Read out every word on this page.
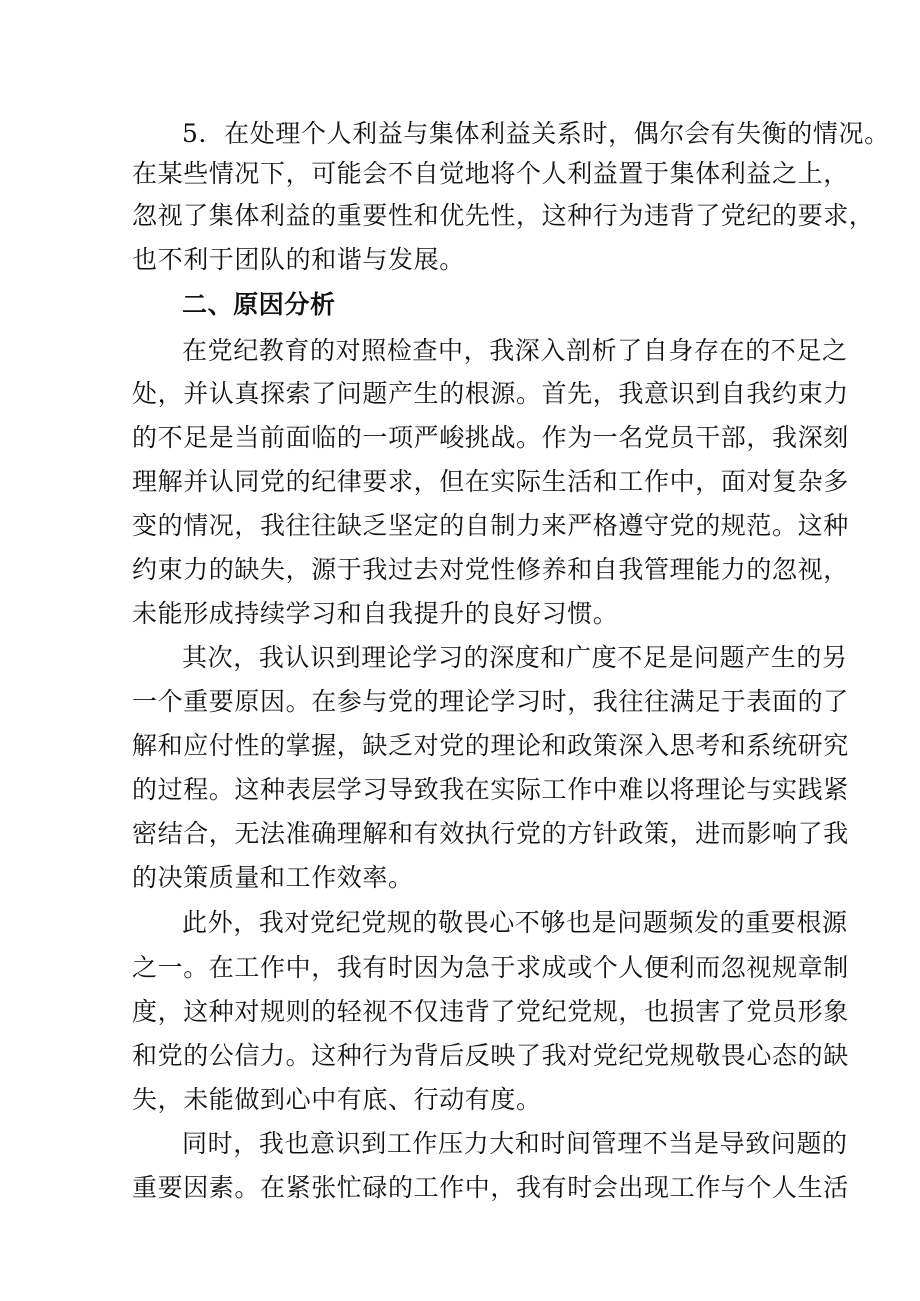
5．在处理个人利益与集体利益关系时，偶尔会有失衡的情况。
在某些情况下，可能会不自觉地将个人利益置于集体利益之上，
忽视了集体利益的重要性和优先性，这种行为违背了党纪的要求，
也不利于团队的和谐与发展。
二、原因分析
在党纪教育的对照检查中，我深入剖析了自身存在的不足之
处，并认真探索了问题产生的根源。首先，我意识到自我约束力
的不足是当前面临的一项严峻挑战。作为一名党员干部，我深刻
理解并认同党的纪律要求，但在实际生活和工作中，面对复杂多
变的情况，我往往缺乏坚定的自制力来严格遵守党的规范。这种
约束力的缺失，源于我过去对党性修养和自我管理能力的忽视，
未能形成持续学习和自我提升的良好习惯。
其次，我认识到理论学习的深度和广度不足是问题产生的另
一个重要原因。在参与党的理论学习时，我往往满足于表面的了
解和应付性的掌握，缺乏对党的理论和政策深入思考和系统研究
的过程。这种表层学习导致我在实际工作中难以将理论与实践紧
密结合，无法准确理解和有效执行党的方针政策，进而影响了我
的决策质量和工作效率。
此外，我对党纪党规的敬畏心不够也是问题频发的重要根源
之一。在工作中，我有时因为急于求成或个人便利而忽视规章制
度，这种对规则的轻视不仅违背了党纪党规，也损害了党员形象
和党的公信力。这种行为背后反映了我对党纪党规敬畏心态的缺
失，未能做到心中有底、行动有度。
同时，我也意识到工作压力大和时间管理不当是导致问题的
重要因素。在紧张忙碌的工作中，我有时会出现工作与个人生活
